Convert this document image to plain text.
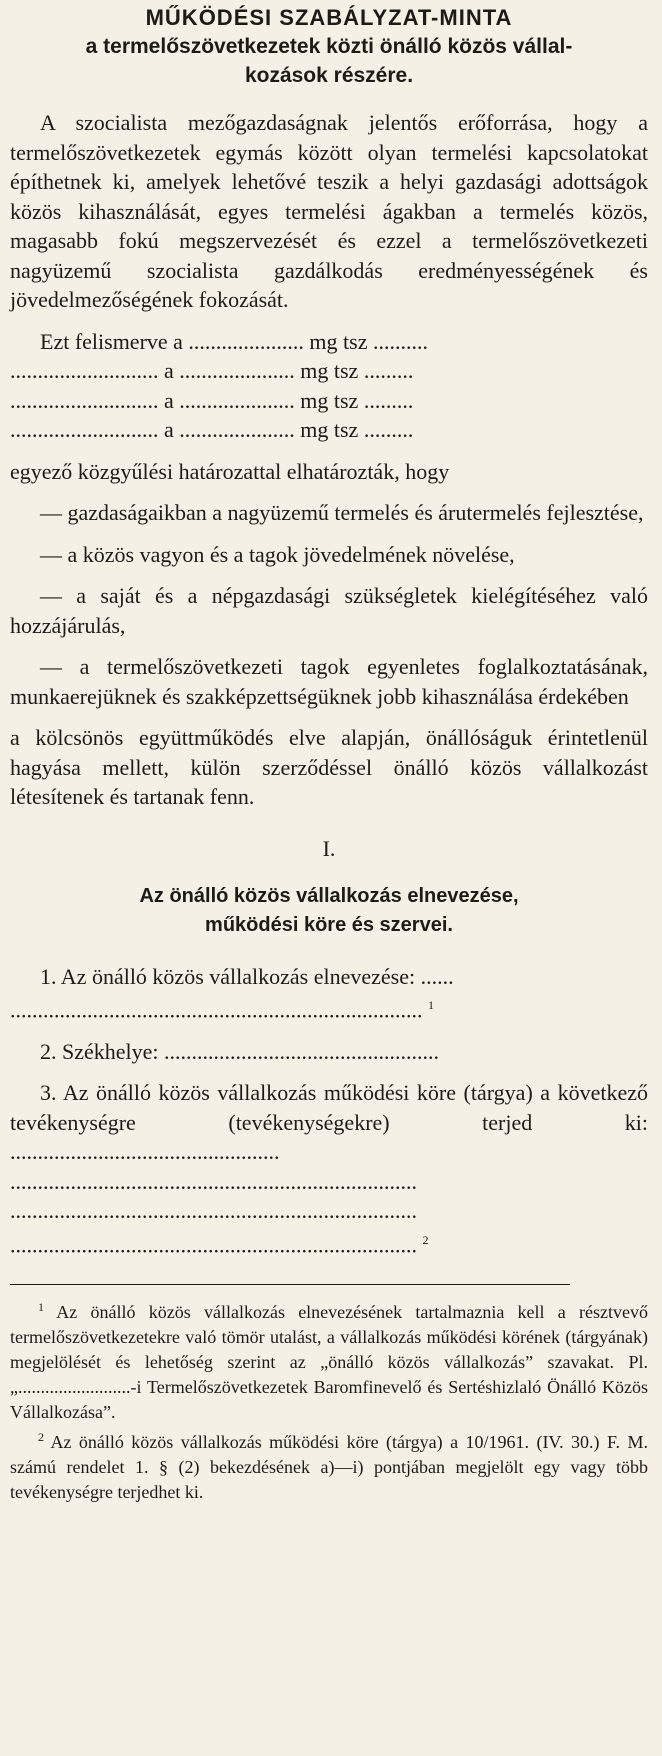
MŰKÖDÉSI SZABÁLYZAT-MINTA
a termelőszövetkezetek közti önálló közös vállal-
kozások részére.

A szocialista mezőgazdaságnak jelentős erőforrása, hogy a termelőszövetkezetek egymás között olyan termelési kapcsolatokat építhetnek ki, amelyek lehetővé teszik a helyi gazdasági adottságok közös kihasználását, egyes termelési ágakban a termelés közös, magasabb fokú megszervezését és ezzel a termelőszövetkezeti nagyüzemű szocialista gazdálkodás eredményességének és jövedelmezőségének fokozását.

Ezt felismerve a ..................... mg tsz ..........
........................... a ..................... mg tsz .........
........................... a ..................... mg tsz .........
........................... a ..................... mg tsz .........

egyező közgyűlési határozattal elhatározták, hogy

— gazdaságaikban a nagyüzemű termelés és árutermelés fejlesztése,

— a közös vagyon és a tagok jövedelmének növelése,

— a saját és a népgazdasági szükségletek kielégítéséhez való hozzájárulás,

— a termelőszövetkezeti tagok egyenletes foglalkoztatásának, munkaerejüknek és szakképzettségüknek jobb kihasználása érdekében

a kölcsönös együttműködés elve alapján, önállóságuk érintetlenül hagyása mellett, külön szerződéssel önálló közös vállalkozást létesítenek és tartanak fenn.

I.
Az önálló közös vállalkozás elnevezése,
működési köre és szervei.
1. Az önálló közös vállalkozás elnevezése: ......
........................................................................... $^1$
2. Székhelye: ..................................................

3. Az önálló közös vállalkozás működési köre (tárgya) a következő tevékenységre (tevékenységekre) terjed ki: .................................................

..........................................................................
..........................................................................
.......................................................................... $^2$
$^1$ Az önálló közös vállalkozás elnevezésének tartalmaznia kell a résztvevő termelőszövetkezetekre való tömör utalást, a vállalkozás működési körének (tárgyának) megjelölését és lehetőség szerint az „önálló közös vállalkozás” szavakat. Pl. „.........................-i Termelőszövetkezetek Baromfinevelő és Sertéshizlaló Önálló Közös Vállalkozása”.
$^2$ Az önálló közös vállalkozás működési köre (tárgya) a 10/1961. (IV. 30.) F. M. számú rendelet 1. § (2) bekezdésének a)—i) pontjában megjelölt egy vagy több tevékenységre terjedhet ki.
